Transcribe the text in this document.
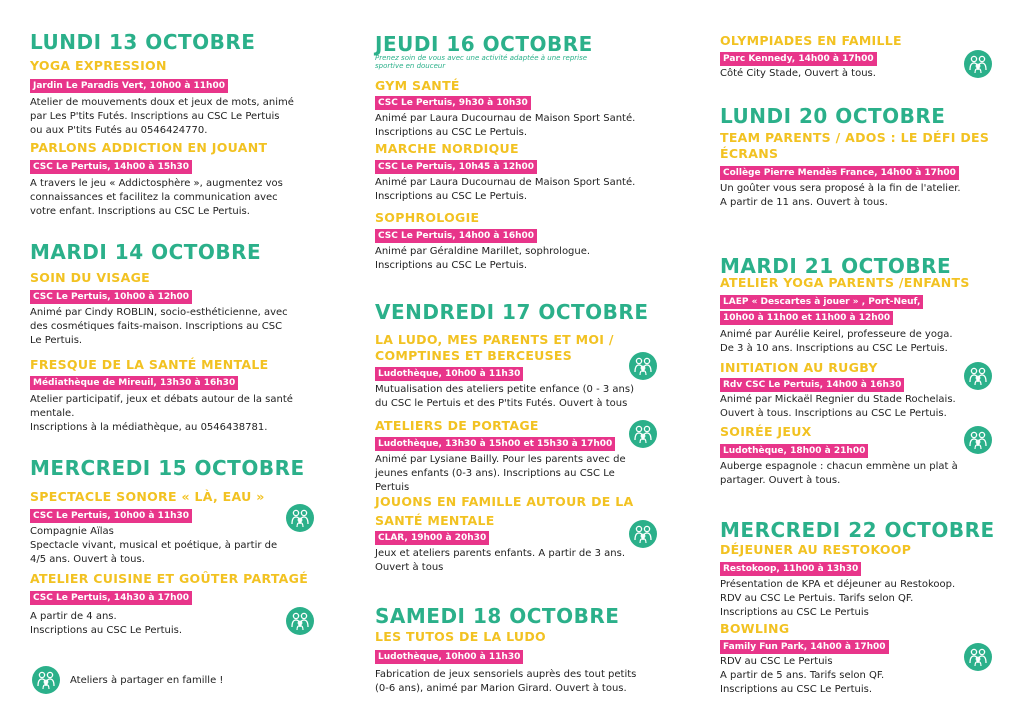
LUNDI 13 OCTOBRE
YOGA EXPRESSION
Jardin Le Paradis Vert, 10h00 à 11h00
Atelier de mouvements doux et jeux de mots, animé
par Les P'tits Futés. Inscriptions au CSC Le Pertuis
ou aux P'tits Futés au 0546424770.
PARLONS ADDICTION EN JOUANT
CSC Le Pertuis, 14h00 à 15h30
A travers le jeu « Addictosphère », augmentez vos
connaissances et facilitez la communication avec
votre enfant. Inscriptions au CSC Le Pertuis.
MARDI 14 OCTOBRE
SOIN DU VISAGE
CSC Le Pertuis, 10h00 à 12h00
Animé par Cindy ROBLIN, socio-esthéticienne, avec
des cosmétiques faits-maison. Inscriptions au CSC
Le Pertuis.
FRESQUE DE LA SANTÉ MENTALE
Médiathèque de Mireuil, 13h30 à 16h30
Atelier participatif, jeux et débats autour de la santé
mentale.
Inscriptions à la médiathèque, au 0546438781.
MERCREDI 15 OCTOBRE
SPECTACLE SONORE « LÀ, EAU »
CSC Le Pertuis, 10h00 à 11h30
Compagnie Aïlas
Spectacle vivant, musical et poétique, à partir de
4/5 ans. Ouvert à tous.
ATELIER CUISINE ET GOÛTER PARTAGÉ
CSC Le Pertuis, 14h30 à 17h00
A partir de 4 ans.
Inscriptions au CSC Le Pertuis.
Ateliers à partager en famille !
JEUDI 16 OCTOBRE
Prenez soin de vous avec une activité adaptée à une reprise sportive en douceur
GYM SANTÉ
CSC Le Pertuis, 9h30 à 10h30
Animé par Laura Ducournau de Maison Sport Santé.
Inscriptions au CSC Le Pertuis.
MARCHE NORDIQUE
CSC Le Pertuis, 10h45 à 12h00
Animé par Laura Ducournau de Maison Sport Santé.
Inscriptions au CSC Le Pertuis.
SOPHROLOGIE
CSC Le Pertuis, 14h00 à 16h00
Animé par Géraldine Marillet, sophrologue.
Inscriptions au CSC Le Pertuis.
VENDREDI 17 OCTOBRE
LA LUDO, MES PARENTS ET MOI /
COMPTINES ET BERCEUSES
Ludothèque, 10h00 à 11h30
Mutualisation des ateliers petite enfance (0 - 3 ans)
du CSC le Pertuis et des P'tits Futés. Ouvert à tous
ATELIERS DE PORTAGE
Ludothèque, 13h30 à 15h00 et 15h30 à 17h00
Animé par Lysiane Bailly. Pour les parents avec de
jeunes enfants (0-3 ans). Inscriptions au CSC Le
Pertuis
JOUONS EN FAMILLE AUTOUR DE LA
SANTÉ MENTALE
CLAR, 19h00 à 20h30
Jeux et ateliers parents enfants. A partir de 3 ans.
Ouvert à tous
SAMEDI 18 OCTOBRE
LES TUTOS DE LA LUDO
Ludothèque, 10h00 à 11h30
Fabrication de jeux sensoriels auprès des tout petits
(0-6 ans), animé par Marion Girard. Ouvert à tous.
OLYMPIADES EN FAMILLE
Parc Kennedy, 14h00 à 17h00
Côté City Stade, Ouvert à tous.
LUNDI 20 OCTOBRE
TEAM PARENTS / ADOS : LE DÉFI DES
ÉCRANS
Collège Pierre Mendès France, 14h00 à 17h00
Un goûter vous sera proposé à la fin de l'atelier.
A partir de 11 ans. Ouvert à tous.
MARDI 21 OCTOBRE
ATELIER YOGA PARENTS /ENFANTS
LAEP « Descartes à jouer » , Port-Neuf,
10h00 à 11h00 et 11h00 à 12h00
Animé par Aurélie Keirel, professeure de yoga.
De 3 à 10 ans. Inscriptions au CSC Le Pertuis.
INITIATION AU RUGBY
Rdv CSC Le Pertuis, 14h00 à 16h30
Animé par Mickaël Regnier du Stade Rochelais.
Ouvert à tous. Inscriptions au CSC Le Pertuis.
SOIRÉE JEUX
Ludothèque, 18h00 à 21h00
Auberge espagnole : chacun emmène un plat à
partager. Ouvert à tous.
MERCREDI 22 OCTOBRE
DÉJEUNER AU RESTOKOOP
Restokoop, 11h00 à 13h30
Présentation de KPA et déjeuner au Restokoop.
RDV au CSC Le Pertuis. Tarifs selon QF.
Inscriptions au CSC Le Pertuis
BOWLING
Family Fun Park, 14h00 à 17h00
RDV au CSC Le Pertuis
A partir de 5 ans. Tarifs selon QF.
Inscriptions au CSC Le Pertuis.
